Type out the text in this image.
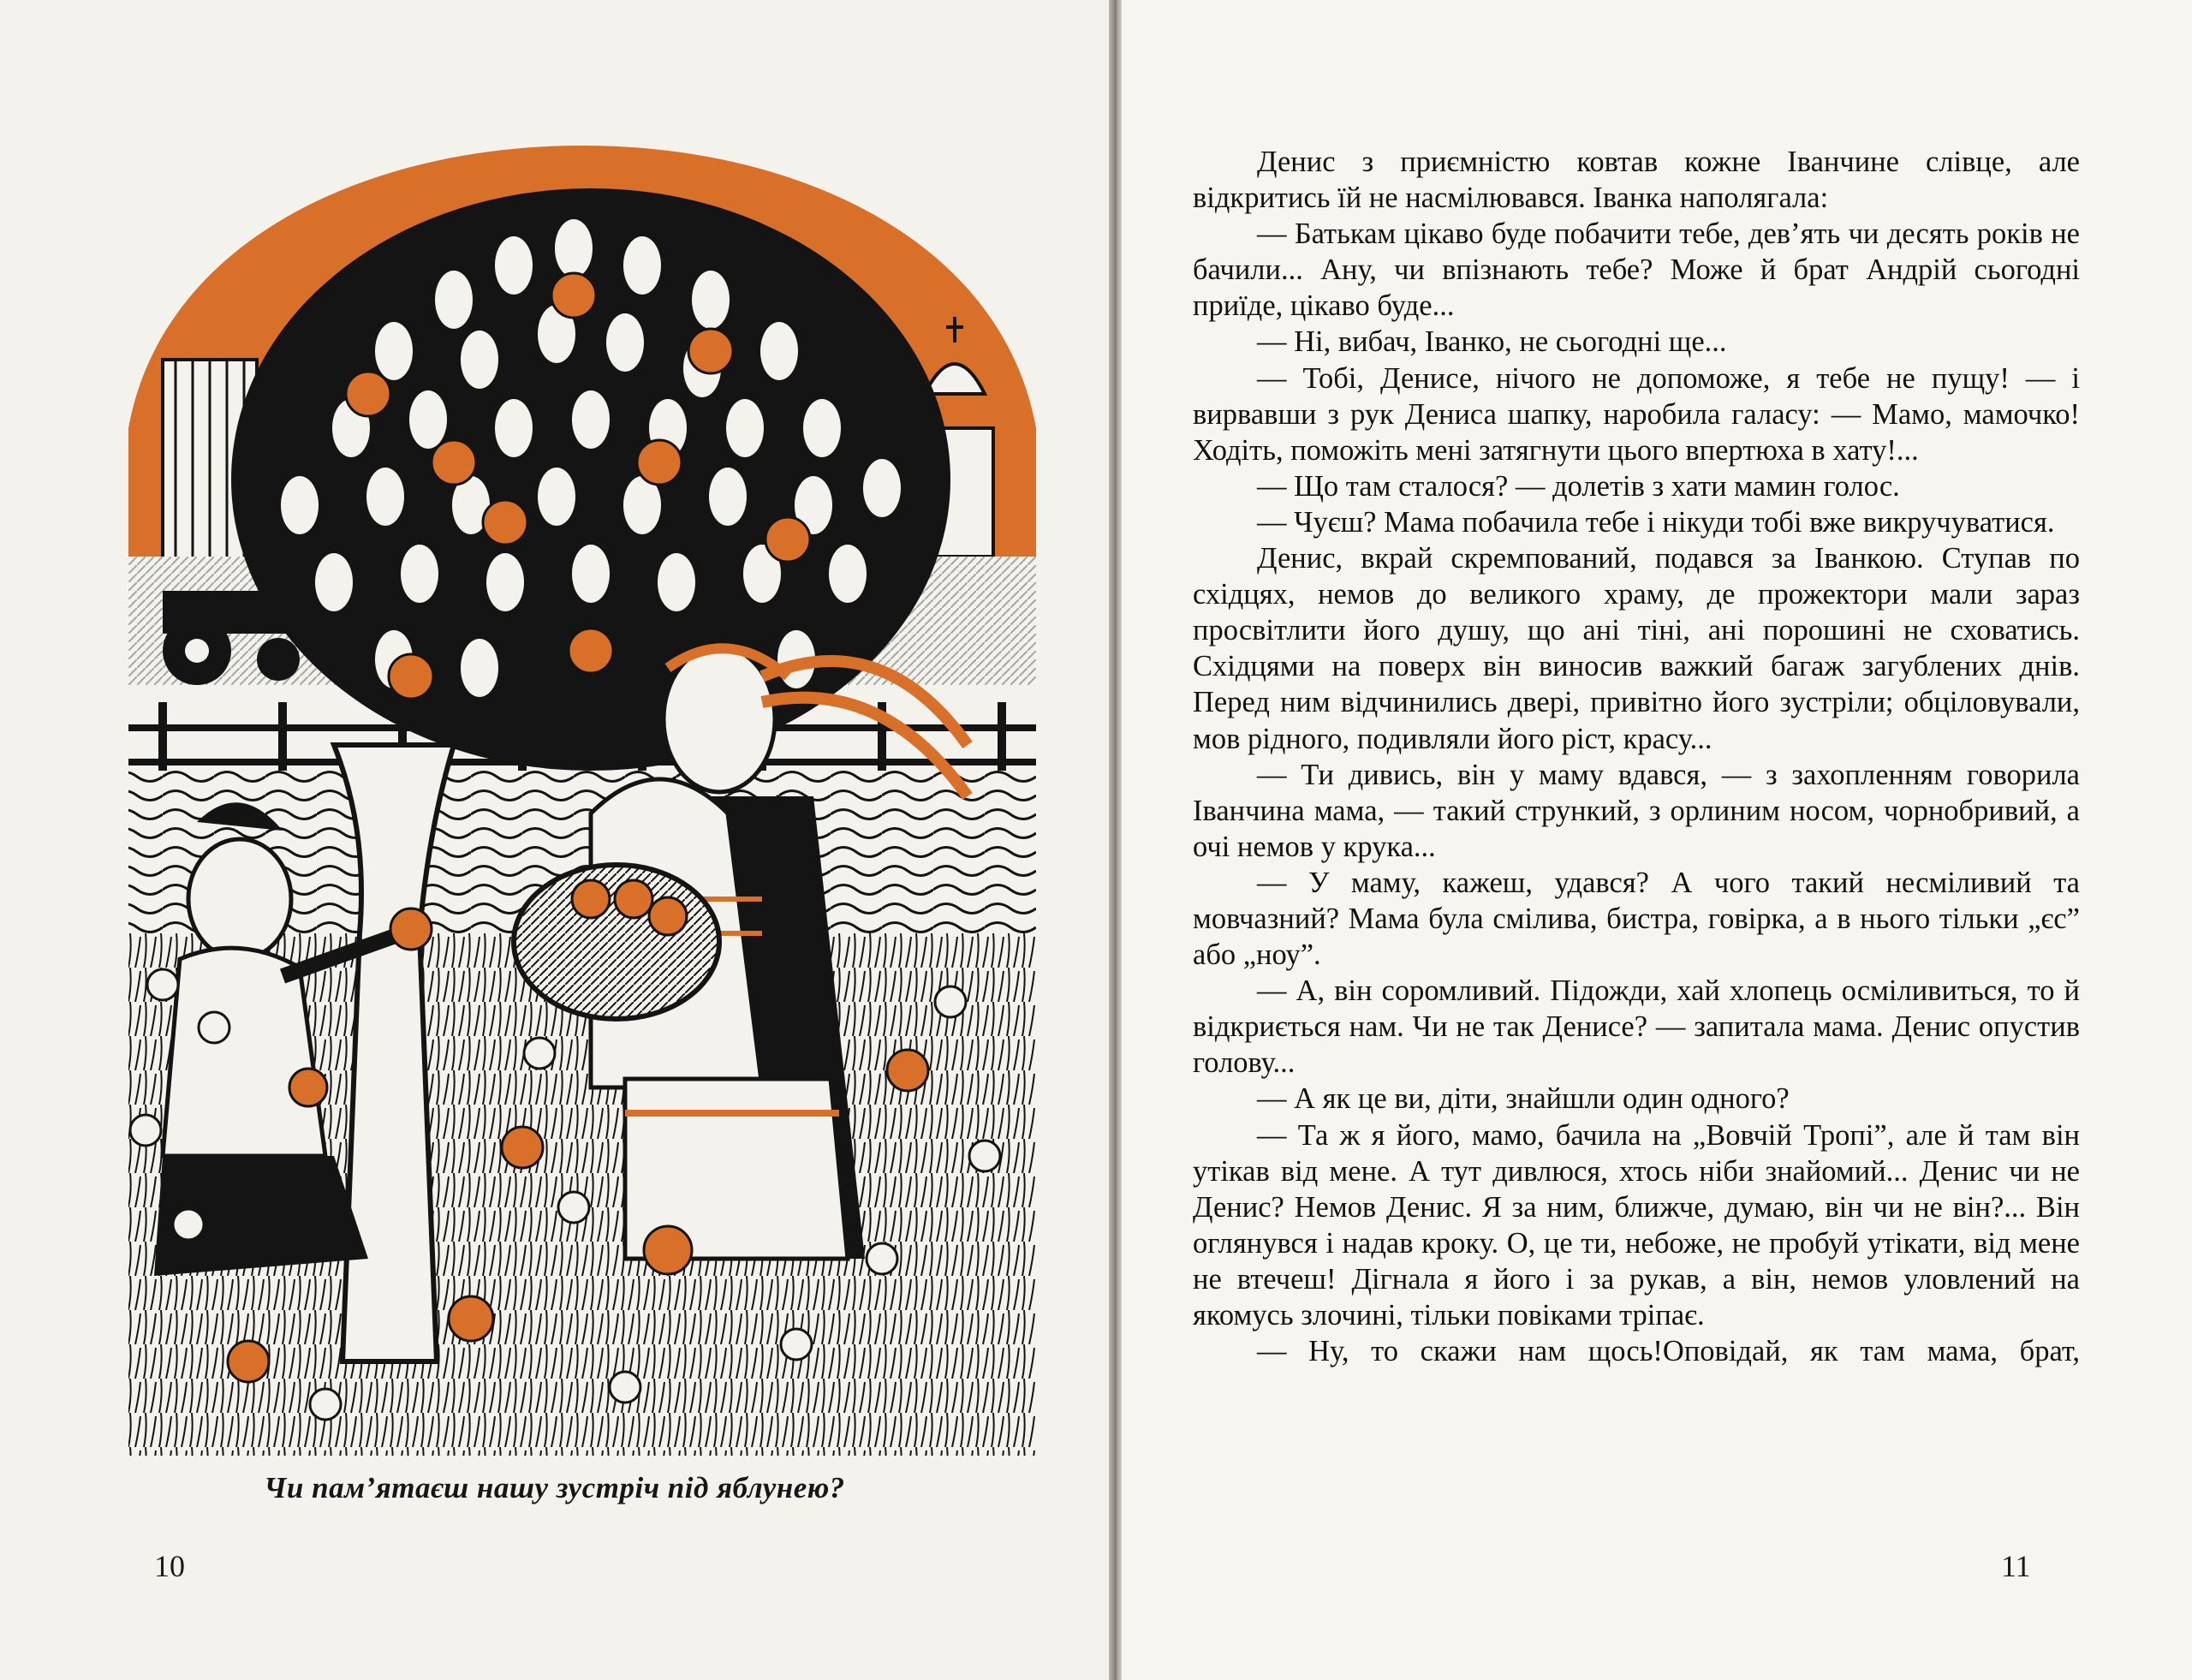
Чи пам’ятаєш нашу зустріч під яблунею?
10

Денис з приємністю ковтав кожне Іванчине слівце, але відкритись їй не насмілювався. Іванка наполягала:

— Батькам цікаво буде побачити тебе, дев’ять чи десять років не бачили... Ану, чи впізнають тебе? Може й брат Андрій сьогодні приїде, цікаво буде...

— Ні, вибач, Іванко, не сьогодні ще...

— Тобі, Денисе, нічого не допоможе, я тебе не пущу! — і вирвавши з рук Дениса шапку, наробила галасу: — Мамо, мамочко! Ходіть, поможіть мені затягнути цього впертюха в хату!...

— Що там сталося? — долетів з хати мамин голос.

— Чуєш? Мама побачила тебе і нікуди тобі вже викручуватися.

Денис, вкрай скремпований, подався за Іванкою. Ступав по східцях, немов до великого храму, де прожектори мали зараз просвітлити його душу, що ані тіні, ані порошині не сховатись. Східцями на поверх він виносив важкий багаж загублених днів. Перед ним відчинились двері, привітно його зустріли; обціловували, мов рідного, подивляли його ріст, красу...

— Ти дивись, він у маму вдався, — з захопленням говорила Іванчина мама, — такий стрункий, з орлиним носом, чорнобривий, а очі немов у крука...

— У маму, кажеш, удався? А чого такий несміливий та мовчазний? Мама була смілива, бистра, говірка, а в нього тільки „єс” або „ноу”.

— А, він соромливий. Підожди, хай хлопець осміливиться, то й відкриється нам. Чи не так Денисе? — запитала мама. Денис опустив голову...

— А як це ви, діти, знайшли один одного?

— Та ж я його, мамо, бачила на „Вовчій Тропі”, але й там він утікав від мене. А тут дивлюся, хтось ніби знайомий... Денис чи не Денис? Немов Денис. Я за ним, ближче, думаю, він чи не він?... Він оглянувся і надав кроку. О, це ти, небоже, не пробуй утікати, від мене не втечеш! Дігнала я його і за рукав, а він, немов уловлений на якомусь злочині, тільки повіками тріпає.

— Ну, то скажи нам щось!Оповідай, як там мама, брат,

11
